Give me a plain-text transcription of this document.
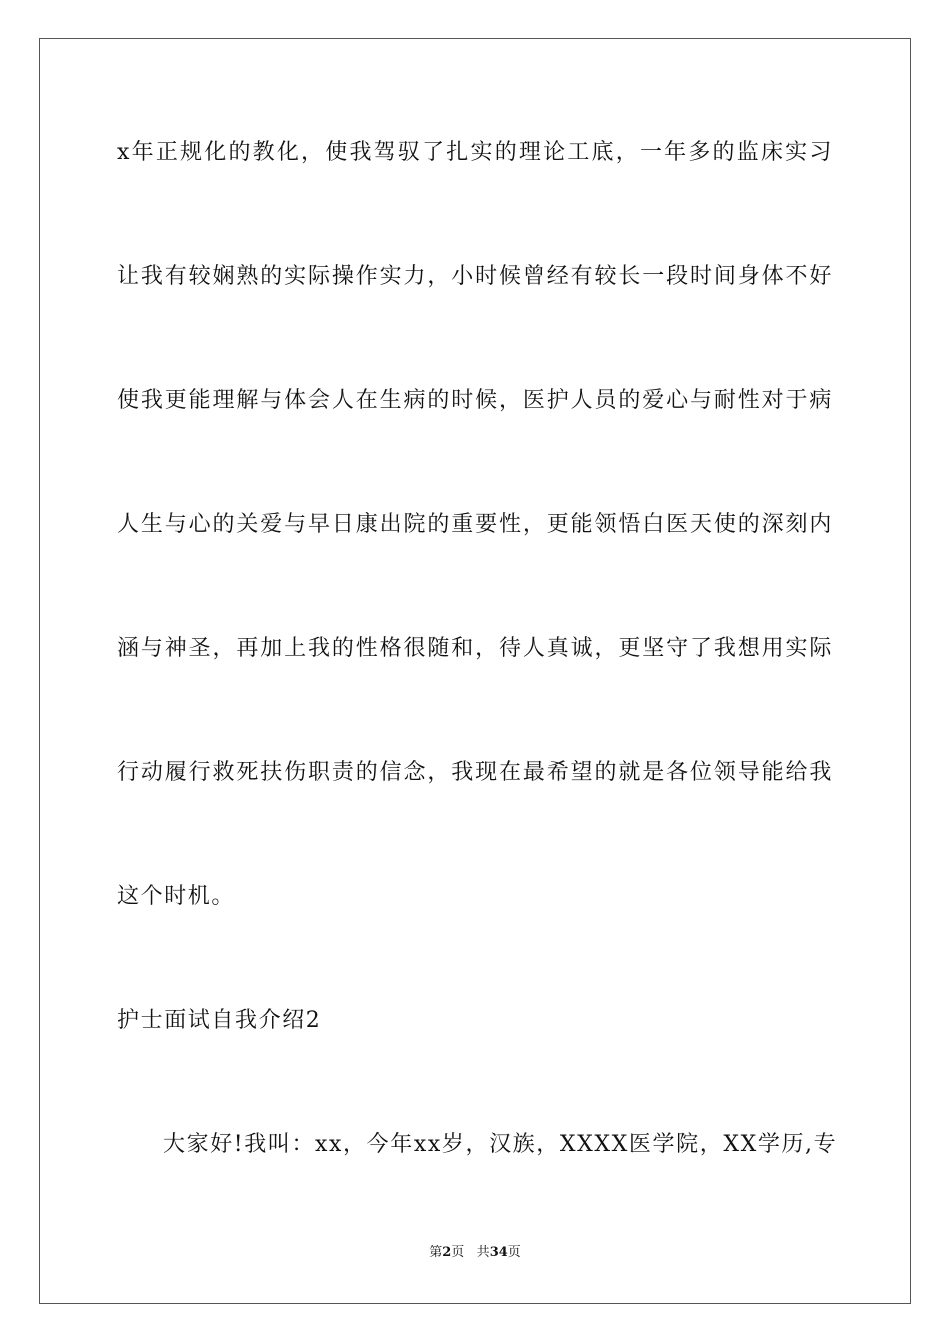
x年正规化的教化，使我驾驭了扎实的理论工底，一年多的监床实习
让我有较娴熟的实际操作实力，小时候曾经有较长一段时间身体不好
使我更能理解与体会人在生病的时候，医护人员的爱心与耐性对于病
人生与心的关爱与早日康出院的重要性，更能领悟白医天使的深刻内
涵与神圣，再加上我的性格很随和，待人真诚，更坚守了我想用实际
行动履行救死扶伤职责的信念，我现在最希望的就是各位领导能给我
这个时机。
护士面试自我介绍2
大家好!我叫：xx，今年xx岁，汉族，XXXX医学院，XX学历,专
第2页 共34页
